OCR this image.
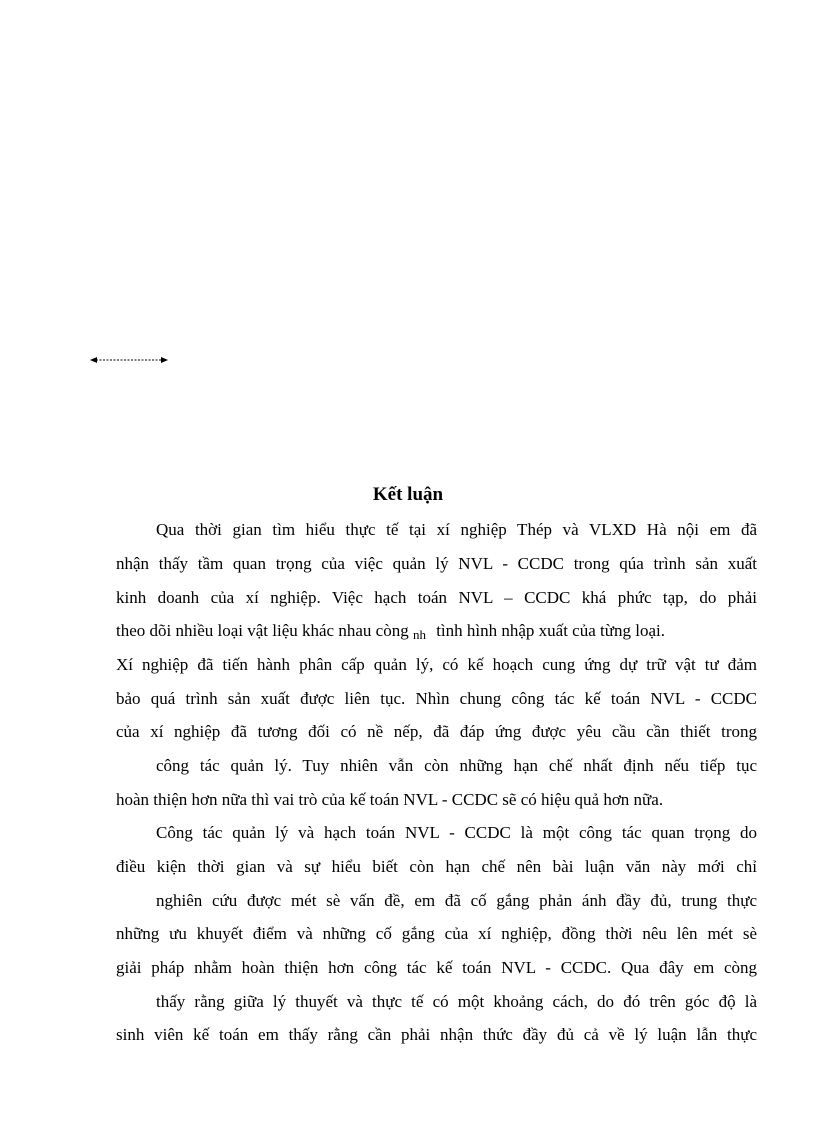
Kết luận
Qua thời gian tìm hiểu thực tế tại xí nghiệp Thép và VLXD Hà nội em đã
nhận thấy tầm quan trọng của việc quản lý NVL - CCDC trong qúa trình sản xuất
kinh doanh của xí nghiệp. Việc hạch toán NVL – CCDC khá phức tạp, do phải
theo dõi nhiều loại vật liệu khác nhau còng nh tình hình nhập xuất của từng loại.
Xí nghiệp đã tiến hành phân cấp quản lý, có kế hoạch cung ứng dự trữ vật tư đảm
bảo quá trình sản xuất được liên tục. Nhìn chung công tác kế toán NVL - CCDC
của xí nghiệp đã tương đối có nề nếp, đã đáp ứng được yêu cầu cần thiết trong
công tác quản lý. Tuy nhiên vẫn còn những hạn chế nhất định nếu tiếp tục
hoàn thiện hơn nữa thì vai trò của kế toán NVL - CCDC sẽ có hiệu quả hơn nữa.
Công tác quản lý và hạch toán NVL - CCDC là một công tác quan trọng do
điều kiện thời gian và sự hiểu biết còn hạn chế nên bài luận văn này mới chỉ
nghiên cứu được mét sè vấn đề, em đã cố gắng phản ánh đầy đủ, trung thực
những ưu khuyết điểm và những cố gắng của xí nghiệp, đồng thời nêu lên mét sè
giải pháp nhằm hoàn thiện hơn công tác kế toán NVL - CCDC. Qua đây em còng
thấy rằng giữa lý thuyết và thực tế có một khoảng cách, do đó trên góc độ là
sinh viên kế toán em thấy rằng cần phải nhận thức đầy đủ cả về lý luận lẫn thực
